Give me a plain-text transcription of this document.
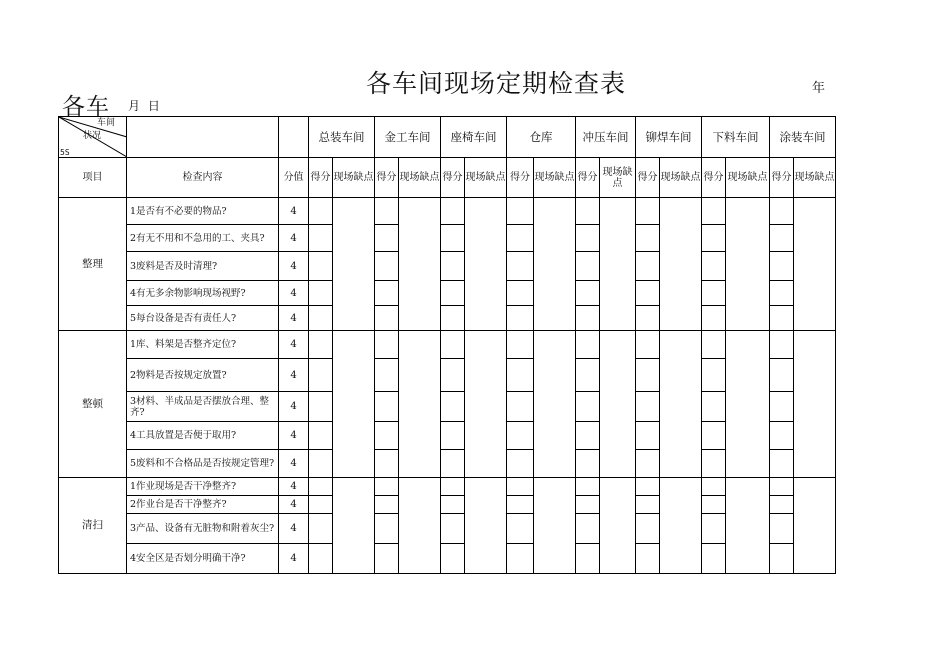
各车间现场定期检查表	年
各车 月 日
车间
状况
5S			总装车间		金工车间		座椅车间		仓库		冲压车间		铆焊车间		下料车间		涂装车间	
项目	检查内容	分值	得分	现场缺点	得分	现场缺点	得分	现场缺点	得分	现场缺点	得分	现场缺点	得分	现场缺点	得分	现场缺点	得分	现场缺点
整理	1是否有不必要的物品?	4																
	2有无不用和不急用的工、夹具?	4																
	3废料是否及时清理?	4																
	4有无多余物影响现场视野?	4																
	5每台设备是否有责任人?	4																
整顿	1库、料架是否整齐定位?	4																
	2物料是否按规定放置?	4																
	3材料、半成品是否摆放合理、整齐?	4																
	4工具放置是否便于取用?	4																
	5废料和不合格品是否按规定管理?	4																
清扫	1作业现场是否干净整齐?	4																
	2作业台是否干净整齐?	4																
	3产品、设备有无脏物和附着灰尘?	4																
	4安全区是否划分明确干净?	4																
